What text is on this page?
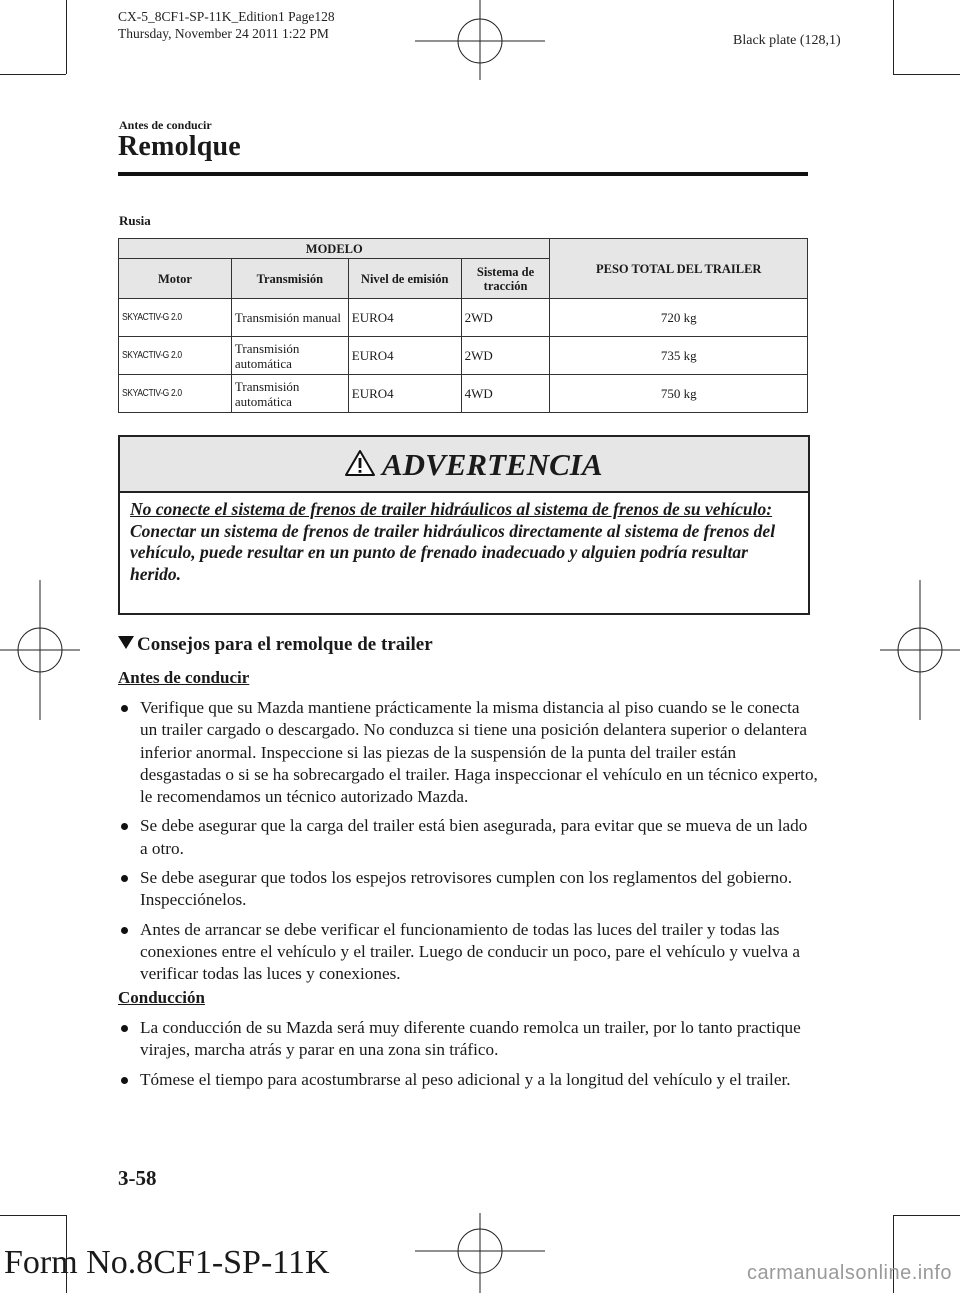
CX-5_8CF1-SP-11K_Edition1 Page128
Thursday, November 24 2011 1:22 PM	Black plate (128,1)
Antes de conducir
Remolque
Rusia
MODELO				PESO TOTAL DEL TRAILER
Motor	Transmisión	Nivel de emisión	Sistema de tracción	
SKYACTIV-G 2.0	Transmisión manual	EURO4	2WD	720 kg
SKYACTIV-G 2.0	Transmisión automática	EURO4	2WD	735 kg
SKYACTIV-G 2.0	Transmisión automática	EURO4	4WD	750 kg
ADVERTENCIA
No conecte el sistema de frenos de trailer hidráulicos al sistema de frenos de su vehículo:
Conectar un sistema de frenos de trailer hidráulicos directamente al sistema de frenos del vehículo, puede resultar en un punto de frenado inadecuado y alguien podría resultar herido.
Consejos para el remolque de trailer
Antes de conducir
Verifique que su Mazda mantiene prácticamente la misma distancia al piso cuando se le conecta un trailer cargado o descargado. No conduzca si tiene una posición delantera superior o delantera inferior anormal. Inspeccione si las piezas de la suspensión de la punta del trailer están desgastadas o si se ha sobrecargado el trailer. Haga inspeccionar el vehículo en un técnico experto, le recomendamos un técnico autorizado Mazda.
Se debe asegurar que la carga del trailer está bien asegurada, para evitar que se mueva de un lado a otro.
Se debe asegurar que todos los espejos retrovisores cumplen con los reglamentos del gobierno. Inspecciónelos.
Antes de arrancar se debe verificar el funcionamiento de todas las luces del trailer y todas las conexiones entre el vehículo y el trailer. Luego de conducir un poco, pare el vehículo y vuelva a verificar todas las luces y conexiones.
Conducción
La conducción de su Mazda será muy diferente cuando remolca un trailer, por lo tanto practique virajes, marcha atrás y parar en una zona sin tráfico.
Tómese el tiempo para acostumbrarse al peso adicional y a la longitud del vehículo y el trailer.
3-58
Form No.8CF1-SP-11K	carmanualsonline.info
